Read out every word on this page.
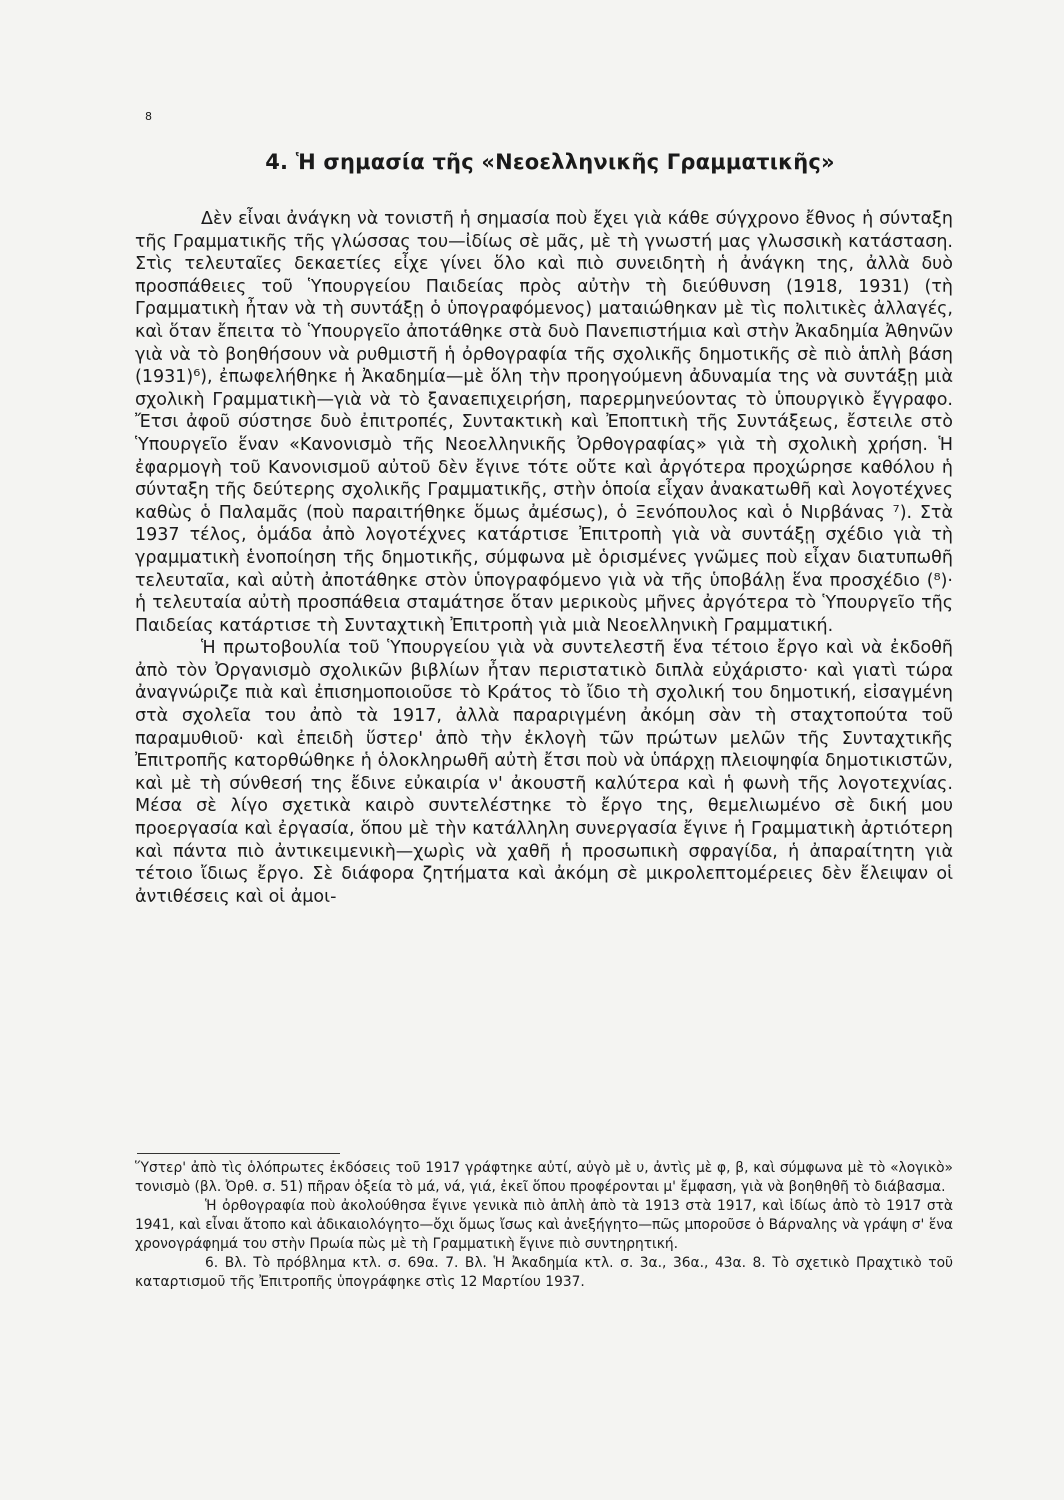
8
4. Ἡ σημασία τῆς «Νεοελληνικῆς Γραμματικῆς»

Δὲν εἶναι ἀνάγκη νὰ τονιστῆ ἡ σημασία ποὺ ἔχει γιὰ κάθε σύγχρονο ἔθνος ἡ σύνταξη τῆς Γραμματικῆς τῆς γλώσσας του—ἰδίως σὲ μᾶς, μὲ τὴ γνωστή μας γλωσσικὴ κατάσταση. Στὶς τελευταῖες δεκαετίες εἶχε γίνει ὅλο καὶ πιὸ συνειδητὴ ἡ ἀνάγκη της, ἀλλὰ δυὸ προσπάθειες τοῦ Ὑπουργείου Παιδείας πρὸς αὐτὴν τὴ διεύθυνση (1918, 1931) (τὴ Γραμματικὴ ἦταν νὰ τὴ συντάξῃ ὁ ὑπογραφόμενος) ματαιώθηκαν μὲ τὶς πολιτικὲς ἀλλαγές, καὶ ὅταν ἔπειτα τὸ Ὑπουργεῖο ἀποτάθηκε στὰ δυὸ Πανεπιστήμια καὶ στὴν Ἀκαδημία Ἀθηνῶν γιὰ νὰ τὸ βοηθήσουν νὰ ρυθμιστῆ ἡ ὀρθογραφία τῆς σχολικῆς δημοτικῆς σὲ πιὸ ἁπλὴ βάση (1931)⁶), ἐπωφελήθηκε ἡ Ἀκαδημία—μὲ ὅλη τὴν προηγούμενη ἀδυναμία της νὰ συντάξῃ μιὰ σχολικὴ Γραμματικὴ—γιὰ νὰ τὸ ξαναεπιχειρήση, παρερμηνεύοντας τὸ ὑπουργικὸ ἔγγραφο. Ἔτσι ἀφοῦ σύστησε δυὸ ἐπιτροπές, Συντακτικὴ καὶ Ἐποπτικὴ τῆς Συντάξεως, ἔστειλε στὸ Ὑπουργεῖο ἕναν «Κανονισμὸ τῆς Νεοελληνικῆς Ὀρθογραφίας» γιὰ τὴ σχολικὴ χρήση. Ἡ ἐφαρμογὴ τοῦ Κανονισμοῦ αὐτοῦ δὲν ἔγινε τότε οὔτε καὶ ἀργότερα προχώρησε καθόλου ἡ σύνταξη τῆς δεύτερης σχολικῆς Γραμματικῆς, στὴν ὁποία εἶχαν ἀνακατωθῆ καὶ λογοτέχνες καθὼς ὁ Παλαμᾶς (ποὺ παραιτήθηκε ὅμως ἀμέσως), ὁ Ξενόπουλος καὶ ὁ Νιρβάνας ⁷). Στὰ 1937 τέλος, ὁμάδα ἀπὸ λογοτέχνες κατάρτισε Ἐπιτροπὴ γιὰ νὰ συντάξῃ σχέδιο γιὰ τὴ γραμματικὴ ἑνοποίηση τῆς δημοτικῆς, σύμφωνα μὲ ὁρισμένες γνῶμες ποὺ εἶχαν διατυπωθῆ τελευταῖα, καὶ αὐτὴ ἀποτάθηκε στὸν ὑπογραφόμενο γιὰ νὰ τῆς ὑποβάλῃ ἕνα προσχέδιο (⁸)· ἡ τελευταία αὐτὴ προσπάθεια σταμάτησε ὅταν μερικοὺς μῆνες ἀργότερα τὸ Ὑπουργεῖο τῆς Παιδείας κατάρτισε τὴ Συνταχτικὴ Ἐπιτροπὴ γιὰ μιὰ Νεοελληνικὴ Γραμματική.

Ἡ πρωτοβουλία τοῦ Ὑπουργείου γιὰ νὰ συντελεστῆ ἕνα τέτοιο ἔργο καὶ νὰ ἐκδοθῆ ἀπὸ τὸν Ὀργανισμὸ σχολικῶν βιβλίων ἦταν περιστατικὸ διπλὰ εὐχάριστο· καὶ γιατὶ τώρα ἀναγνώριζε πιὰ καὶ ἐπισημοποιοῦσε τὸ Κράτος τὸ ἴδιο τὴ σχολική του δημοτική, εἰσαγμένη στὰ σχολεῖα του ἀπὸ τὰ 1917, ἀλλὰ παραριγμένη ἀκόμη σὰν τὴ σταχτοπούτα τοῦ παραμυθιοῦ· καὶ ἐπειδὴ ὕστερ' ἀπὸ τὴν ἐκλογὴ τῶν πρώτων μελῶν τῆς Συνταχτικῆς Ἐπιτροπῆς κατορθώθηκε ἡ ὁλοκληρωθῆ αὐτὴ ἔτσι ποὺ νὰ ὑπάρχῃ πλειοψηφία δημοτικιστῶν, καὶ μὲ τὴ σύνθεσή της ἔδινε εὐκαιρία ν' ἀκουστῆ καλύτερα καὶ ἡ φωνὴ τῆς λογοτεχνίας. Μέσα σὲ λίγο σχετικὰ καιρὸ συντελέστηκε τὸ ἔργο της, θεμελιωμένο σὲ δική μου προεργασία καὶ ἐργασία, ὅπου μὲ τὴν κατάλληλη συνεργασία ἔγινε ἡ Γραμματικὴ ἀρτιότερη καὶ πάντα πιὸ ἀντικειμενικὴ—χωρὶς νὰ χαθῆ ἡ προσωπικὴ σφραγίδα, ἡ ἀπαραίτητη γιὰ τέτοιο ἴδιως ἔργο. Σὲ διάφορα ζητήματα καὶ ἀκόμη σὲ μικρολεπτομέρειες δὲν ἔλειψαν οἱ ἀντιθέσεις καὶ οἱ ἀμοι-

Ὕστερ' ἀπὸ τὶς ὁλόπρωτες ἐκδόσεις τοῦ 1917 γράφτηκε αὐτί, αὐγὸ μὲ υ, ἀντὶς μὲ φ, β, καὶ σύμφωνα μὲ τὸ «λογικὸ» τονισμὸ (βλ. Ὀρθ. σ. 51) πῆραν ὀξεία τὸ μά, νά, γιά, ἐκεῖ ὅπου προφέρονται μ' ἔμφαση, γιὰ νὰ βοηθηθῆ τὸ διάβασμα.

Ἡ ὀρθογραφία ποὺ ἀκολούθησα ἔγινε γενικὰ πιὸ ἁπλὴ ἀπὸ τὰ 1913 στὰ 1917, καὶ ἰδίως ἀπὸ τὸ 1917 στὰ 1941, καὶ εἶναι ἄτοπο καὶ ἀδικαιολόγητο—ὄχι ὅμως ἴσως καὶ ἀνεξήγητο—πῶς μποροῦσε ὁ Βάρναλης νὰ γράψη σ' ἕνα χρονογράφημά του στὴν Πρωία πὼς μὲ τὴ Γραμματικὴ ἔγινε πιὸ συντηρητική.

6. Βλ. Τὸ πρόβλημα κτλ. σ. 69α. 7. Βλ. Ἡ Ἀκαδημία κτλ. σ. 3α., 36α., 43α. 8. Τὸ σχετικὸ Πραχτικὸ τοῦ καταρτισμοῦ τῆς Ἐπιτροπῆς ὑπογράφηκε στὶς 12 Μαρτίου 1937.
